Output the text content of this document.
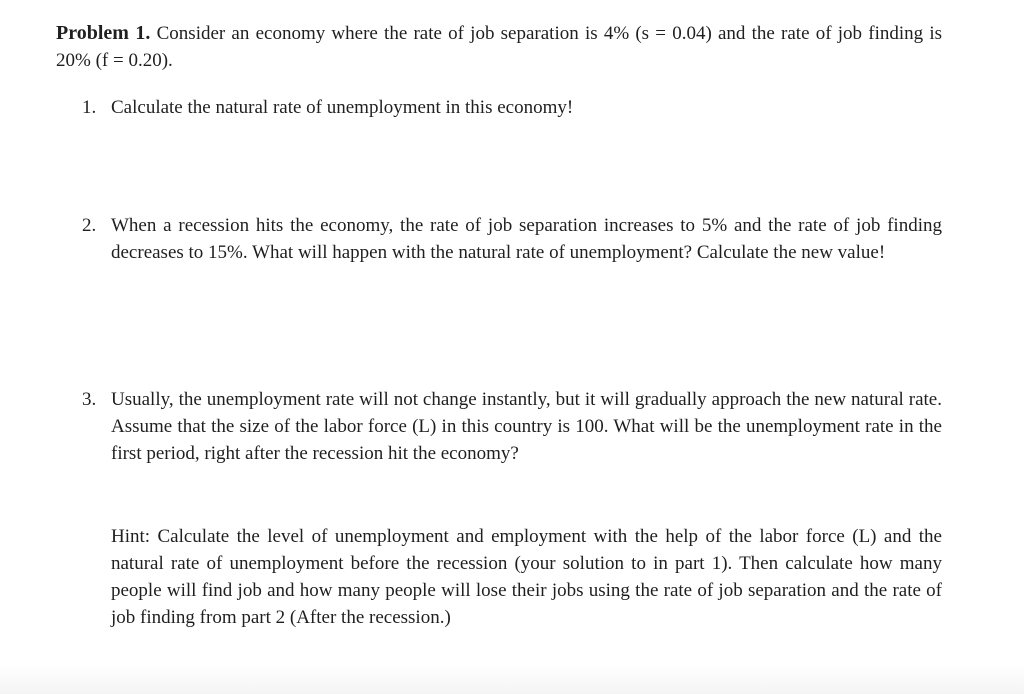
Problem 1. Consider an economy where the rate of job separation is 4% (s = 0.04) and the rate of job finding is 20% (f = 0.20).
1. Calculate the natural rate of unemployment in this economy!
2. When a recession hits the economy, the rate of job separation increases to 5% and the rate of job finding decreases to 15%. What will happen with the natural rate of unemployment? Calculate the new value!
3. Usually, the unemployment rate will not change instantly, but it will gradually approach the new natural rate. Assume that the size of the labor force (L) in this country is 100. What will be the unemployment rate in the first period, right after the recession hit the economy?
Hint: Calculate the level of unemployment and employment with the help of the labor force (L) and the natural rate of unemployment before the recession (your solution to in part 1). Then calculate how many people will find job and how many people will lose their jobs using the rate of job separation and the rate of job finding from part 2 (After the recession.)
